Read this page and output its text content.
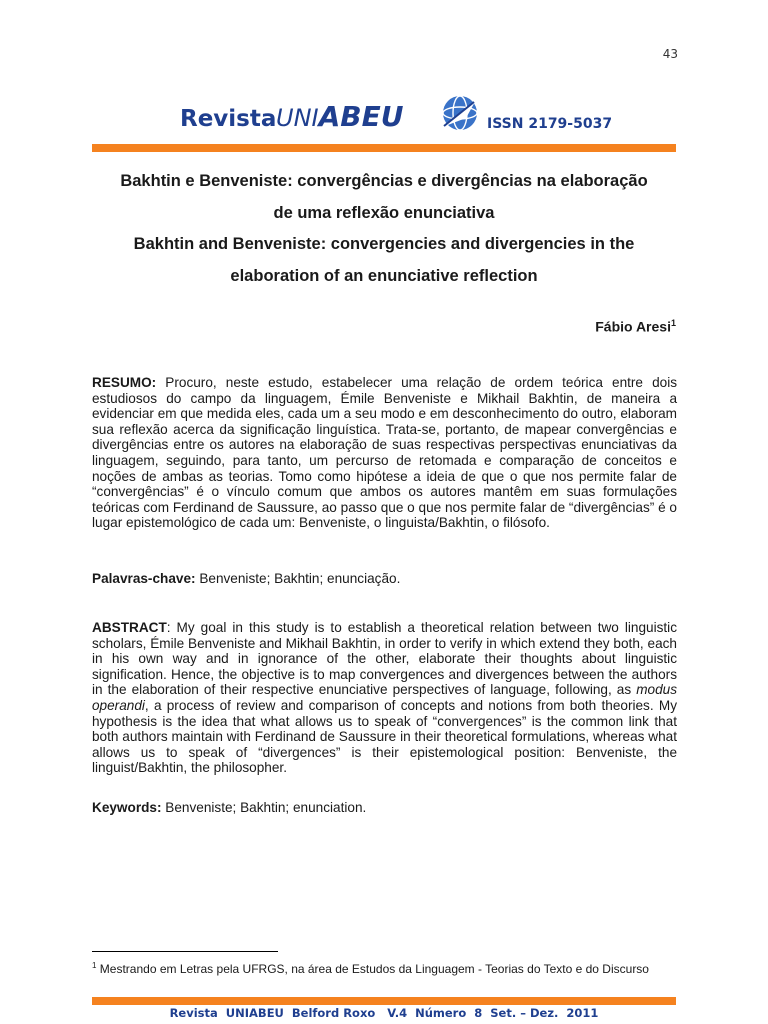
43
Revista UNIABEU	ISSN 2179-5037
Bakhtin e Benveniste: convergências e divergências na elaboração
de uma reflexão enunciativa
Bakhtin and Benveniste: convergencies and divergencies in the
elaboration of an enunciative reflection
Fábio Aresi$^1$
RESUMO: Procuro, neste estudo, estabelecer uma relação de ordem teórica entre dois estudiosos do campo da linguagem, Émile Benveniste e Mikhail Bakhtin, de maneira a evidenciar em que medida eles, cada um a seu modo e em desconhecimento do outro, elaboram sua reflexão acerca da significação linguística. Trata-se, portanto, de mapear convergências e divergências entre os autores na elaboração de suas respectivas perspectivas enunciativas da linguagem, seguindo, para tanto, um percurso de retomada e comparação de conceitos e noções de ambas as teorias. Tomo como hipótese a ideia de que o que nos permite falar de “convergências” é o vínculo comum que ambos os autores mantêm em suas formulações teóricas com Ferdinand de Saussure, ao passo que o que nos permite falar de “divergências” é o lugar epistemológico de cada um: Benveniste, o linguista/Bakhtin, o filósofo.
Palavras-chave: Benveniste; Bakhtin; enunciação.
ABSTRACT: My goal in this study is to establish a theoretical relation between two linguistic scholars, Émile Benveniste and Mikhail Bakhtin, in order to verify in which extend they both, each in his own way and in ignorance of the other, elaborate their thoughts about linguistic signification. Hence, the objective is to map convergences and divergences between the authors in the elaboration of their respective enunciative perspectives of language, following, as modus operandi, a process of review and comparison of concepts and notions from both theories. My hypothesis is the idea that what allows us to speak of “convergences” is the common link that both authors maintain with Ferdinand de Saussure in their theoretical formulations, whereas what allows us to speak of “divergences” is their epistemological position: Benveniste, the linguist/Bakhtin, the philosopher.
Keywords: Benveniste; Bakhtin; enunciation.
$^1$ Mestrando em Letras pela UFRGS, na área de Estudos da Linguagem - Teorias do Texto e do Discurso
Revista  UNIABEU  Belford Roxo   V.4  Número  8  Set. – Dez.  2011
